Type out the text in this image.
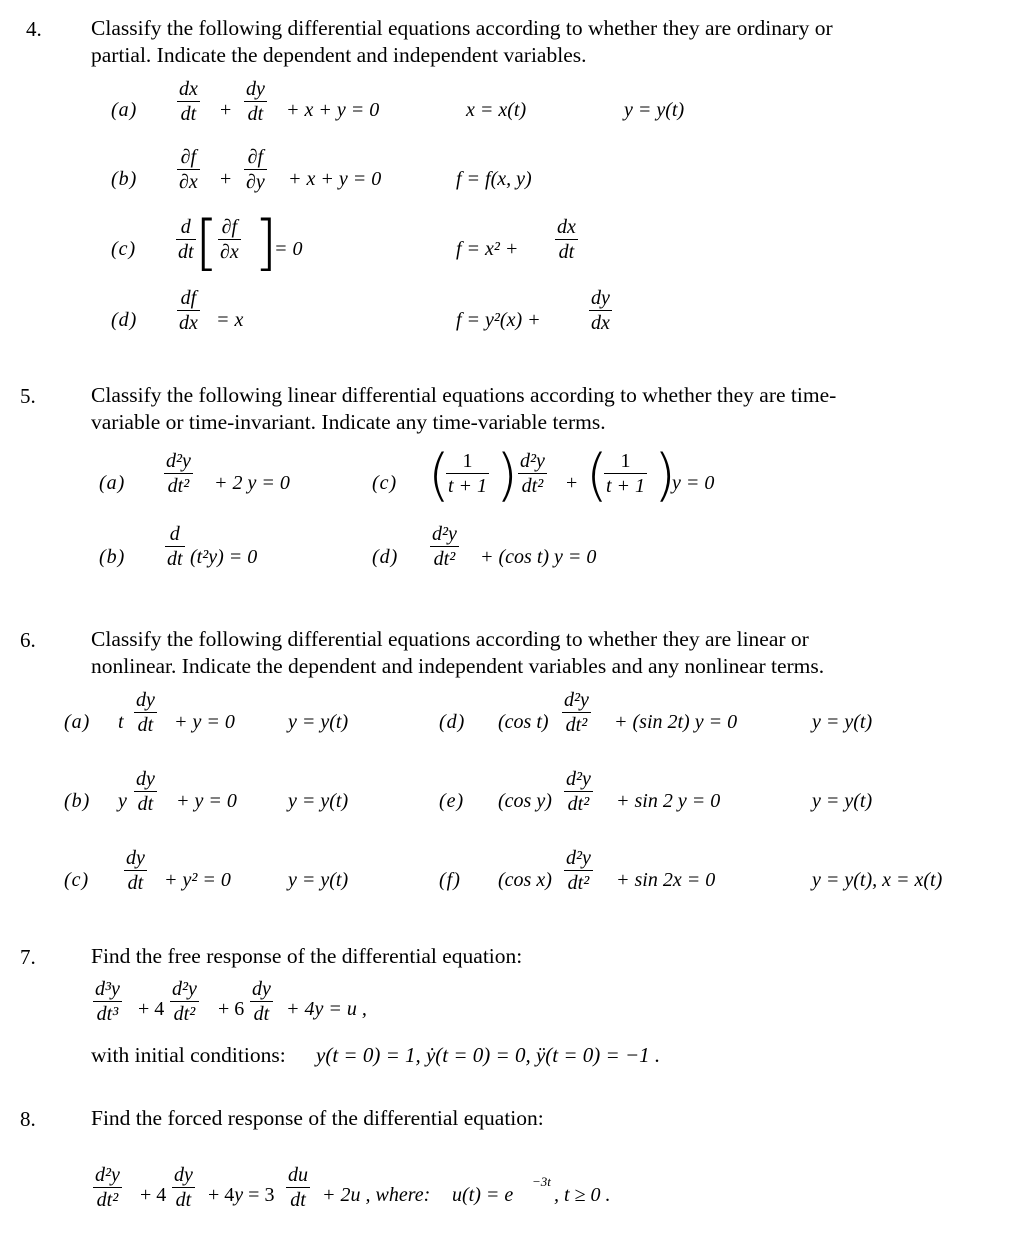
4. Classify the following differential equations according to whether they are ordinary or
partial. Indicate the dependent and independent variables.
(a)
dx
dt +
dy
dt + x + y = 0	x = x(t)	y = y(t)
(b)
∂f
∂x +
∂f
∂y + x + y = 0	f = f(x, y)
(c)
d
dt [ ∂f
∂x ]
= 0	f = x² +
dx
dt
(d)
df
dx = x	f = y²(x) +
dy
dx
5.	Classify the following linear differential equations according to whether they are time-
variable or time-invariant. Indicate any time-variable terms.
(a)
d²y
dt² + 2 y = 0
(b)
d
dt (t²y) = 0
(c) ( 1
t + 1 ) d²y
dt² + ( 1
t + 1 )
y = 0
(d)
d²y
dt² + (cos t) y = 0
6.	Classify the following differential equations according to whether they are linear or
nonlinear. Indicate the dependent and independent variables and any nonlinear terms.
(a) t
dy
dt + y = 0	y = y(t)
(b) y
dy
dt + y = 0	y = y(t)
(c)
dy
dt + y² = 0	y = y(t)
(d) (cos t)
d²y
dt² + (sin 2t) y = 0	y = y(t)
(e) (cos y)
d²y
dt² + sin 2 y = 0	y = y(t)
(f) (cos x)
d²y
dt² + sin 2x = 0	y = y(t), x = x(t)
7.	Find the free response of the differential equation:
d³y
dt³ + 4
d²y
dt² + 6
dy
dt + 4y = u ,
with initial conditions: y(t = 0) = 1, ẏ(t = 0) = 0, ÿ(t = 0) = −1 .
8.	Find the forced response of the differential equation:
d²y
dt² + 4
dy
dt + 4y = 3
du
dt + 2u , where: u(t) = e
−3t
, t ≥ 0 .
